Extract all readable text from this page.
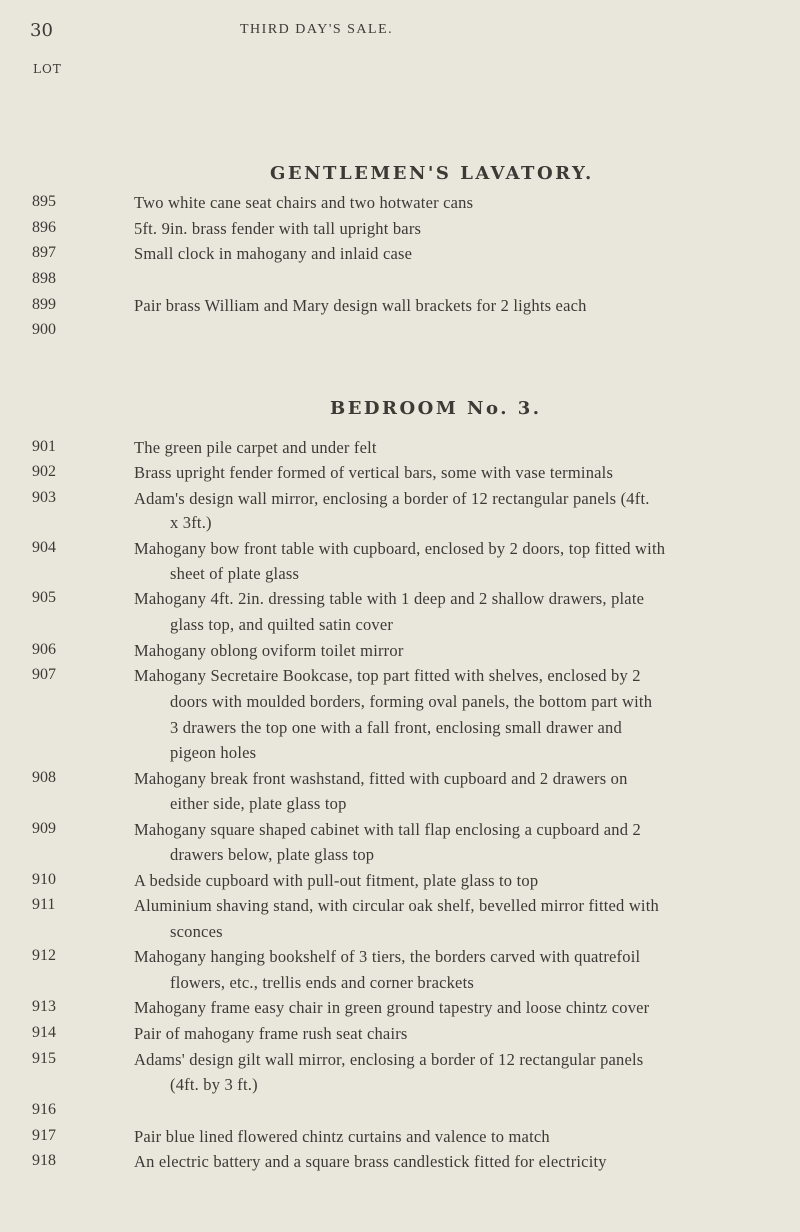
30	THIRD DAY'S SALE.
LOT
GENTLEMEN'S LAVATORY.
895	Two white cane seat chairs and two hotwater cans
896	5ft. 9in. brass fender with tall upright bars
897	Small clock in mahogany and inlaid case
898
899	Pair brass William and Mary design wall brackets for 2 lights each
900
BEDROOM No. 3.
901	The green pile carpet and under felt
902	Brass upright fender formed of vertical bars, some with vase terminals
903	Adam's design wall mirror, enclosing a border of 12 rectangular panels (4ft.
x 3ft.)
904	Mahogany bow front table with cupboard, enclosed by 2 doors, top fitted with
sheet of plate glass
905	Mahogany 4ft. 2in. dressing table with 1 deep and 2 shallow drawers, plate
glass top, and quilted satin cover
906	Mahogany oblong oviform toilet mirror
907	Mahogany Secretaire Bookcase, top part fitted with shelves, enclosed by 2
doors with moulded borders, forming oval panels, the bottom part with
3 drawers the top one with a fall front, enclosing small drawer and
pigeon holes
908	Mahogany break front washstand, fitted with cupboard and 2 drawers on
either side, plate glass top
909	Mahogany square shaped cabinet with tall flap enclosing a cupboard and 2
drawers below, plate glass top
910	A bedside cupboard with pull-out fitment, plate glass to top
911	Aluminium shaving stand, with circular oak shelf, bevelled mirror fitted with
sconces
912	Mahogany hanging bookshelf of 3 tiers, the borders carved with quatrefoil
flowers, etc., trellis ends and corner brackets
913	Mahogany frame easy chair in green ground tapestry and loose chintz cover
914	Pair of mahogany frame rush seat chairs
915	Adams' design gilt wall mirror, enclosing a border of 12 rectangular panels
(4ft. by 3 ft.)
916
917	Pair blue lined flowered chintz curtains and valence to match
918	An electric battery and a square brass candlestick fitted for electricity
